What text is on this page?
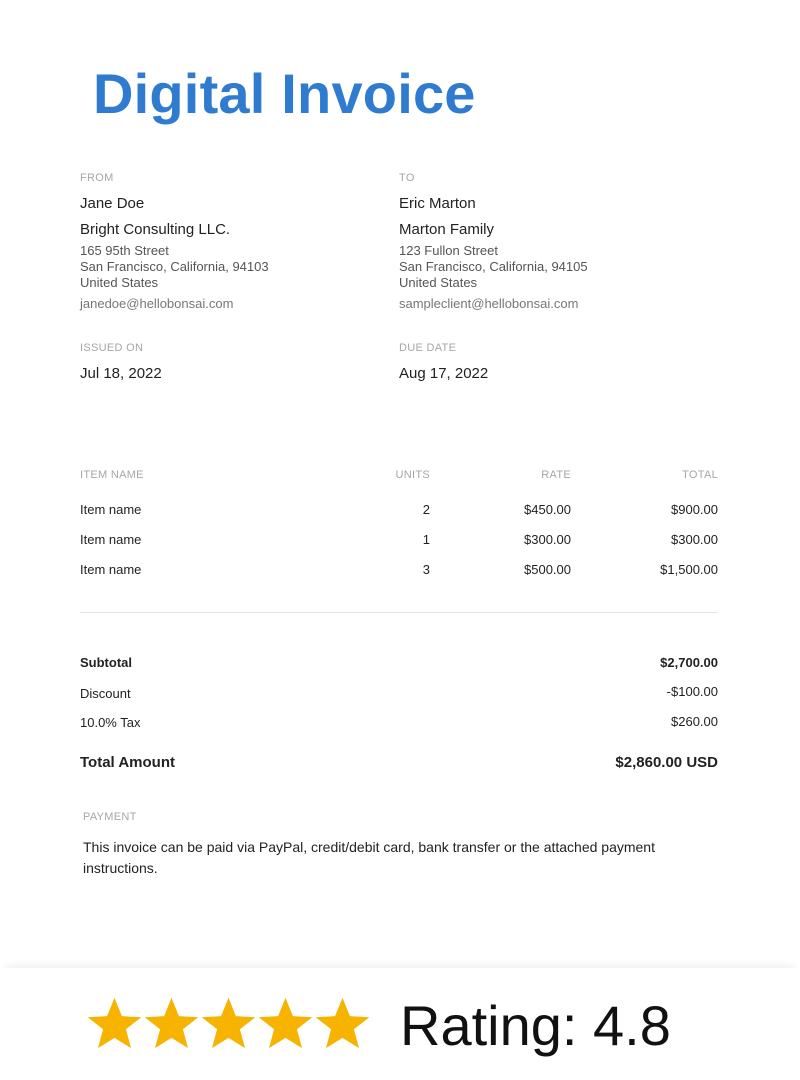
Digital Invoice
FROM
Jane Doe
Bright Consulting LLC.
165 95th Street
San Francisco, California, 94103
United States
janedoe@hellobonsai.com
TO
Eric Marton
Marton Family
123 Fullon Street
San Francisco, California, 94105
United States
sampleclient@hellobonsai.com
ISSUED ON
Jul 18, 2022
DUE DATE
Aug 17, 2022
ITEM NAME	UNITS	RATE	TOTAL
Item name	2	$450.00	$900.00
Item name	1	$300.00	$300.00
Item name	3	$500.00	$1,500.00
Subtotal	$2,700.00
Discount	-$100.00
10.0% Tax	$260.00
Total Amount	$2,860.00 USD
PAYMENT
This invoice can be paid via PayPal, credit/debit card, bank transfer or the attached payment instructions.
Rating: 4.8
